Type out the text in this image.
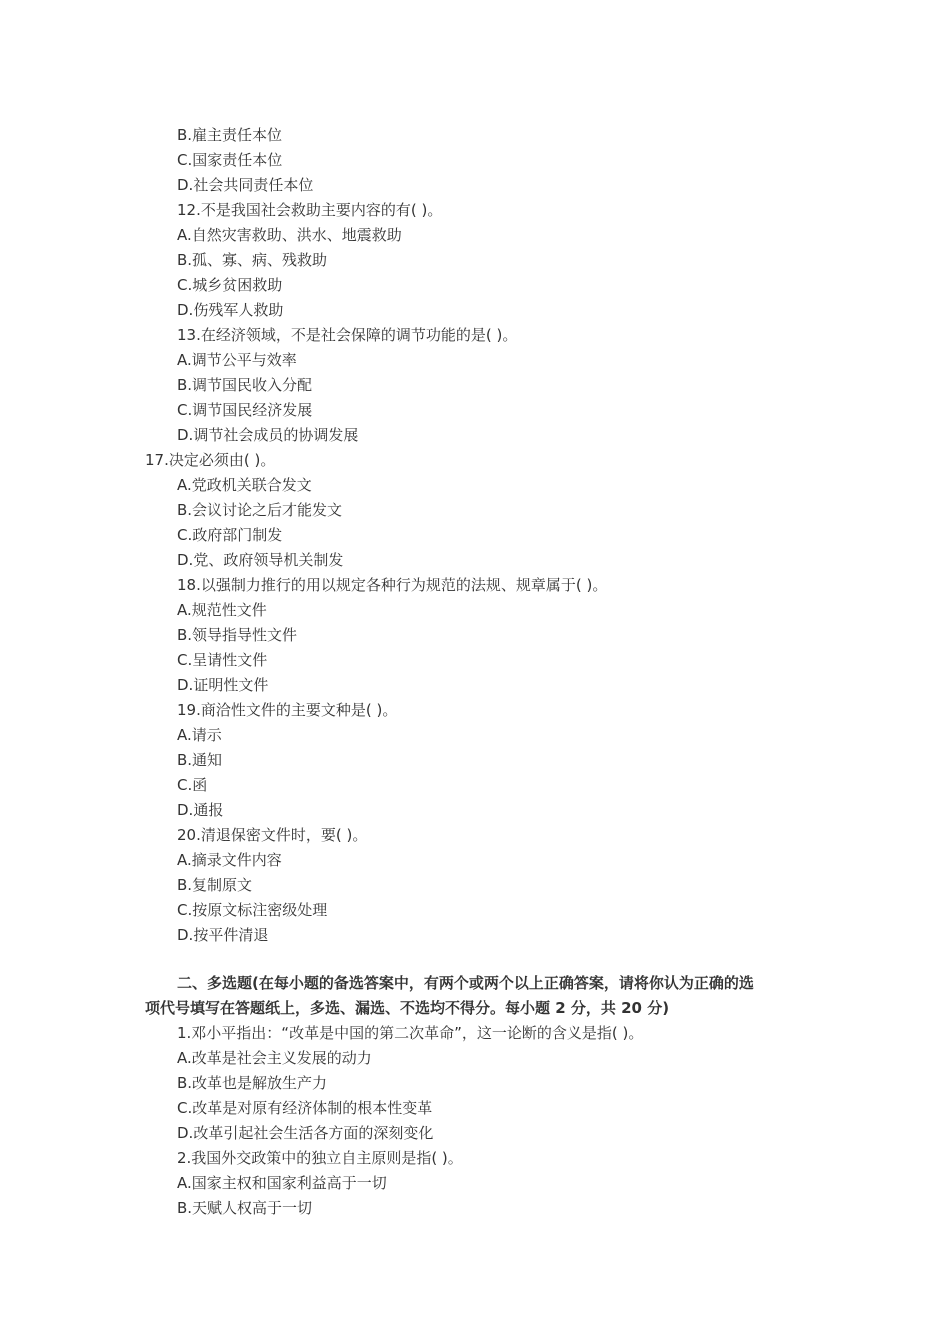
B.雇主责任本位
C.国家责任本位
D.社会共同责任本位
12.不是我国社会救助主要内容的有( )。
A.自然灾害救助、洪水、地震救助
B.孤、寡、病、残救助
C.城乡贫困救助
D.伤残军人救助
13.在经济领域，不是社会保障的调节功能的是( )。
A.调节公平与效率
B.调节国民收入分配
C.调节国民经济发展
D.调节社会成员的协调发展
17.决定必须由( )。
A.党政机关联合发文
B.会议讨论之后才能发文
C.政府部门制发
D.党、政府领导机关制发
18.以强制力推行的用以规定各种行为规范的法规、规章属于( )。
A.规范性文件
B.领导指导性文件
C.呈请性文件
D.证明性文件
19.商洽性文件的主要文种是( )。
A.请示
B.通知
C.函
D.通报
20.清退保密文件时，要( )。
A.摘录文件内容
B.复制原文
C.按原文标注密级处理
D.按平件清退
二、多选题(在每小题的备选答案中，有两个或两个以上正确答案，请将你认为正确的选
项代号填写在答题纸上，多选、漏选、不选均不得分。每小题 2 分，共 20 分)
1.邓小平指出：“改革是中国的第二次革命”，这一论断的含义是指( )。
A.改革是社会主义发展的动力
B.改革也是解放生产力
C.改革是对原有经济体制的根本性变革
D.改革引起社会生活各方面的深刻变化
2.我国外交政策中的独立自主原则是指( )。
A.国家主权和国家利益高于一切
B.天赋人权高于一切
